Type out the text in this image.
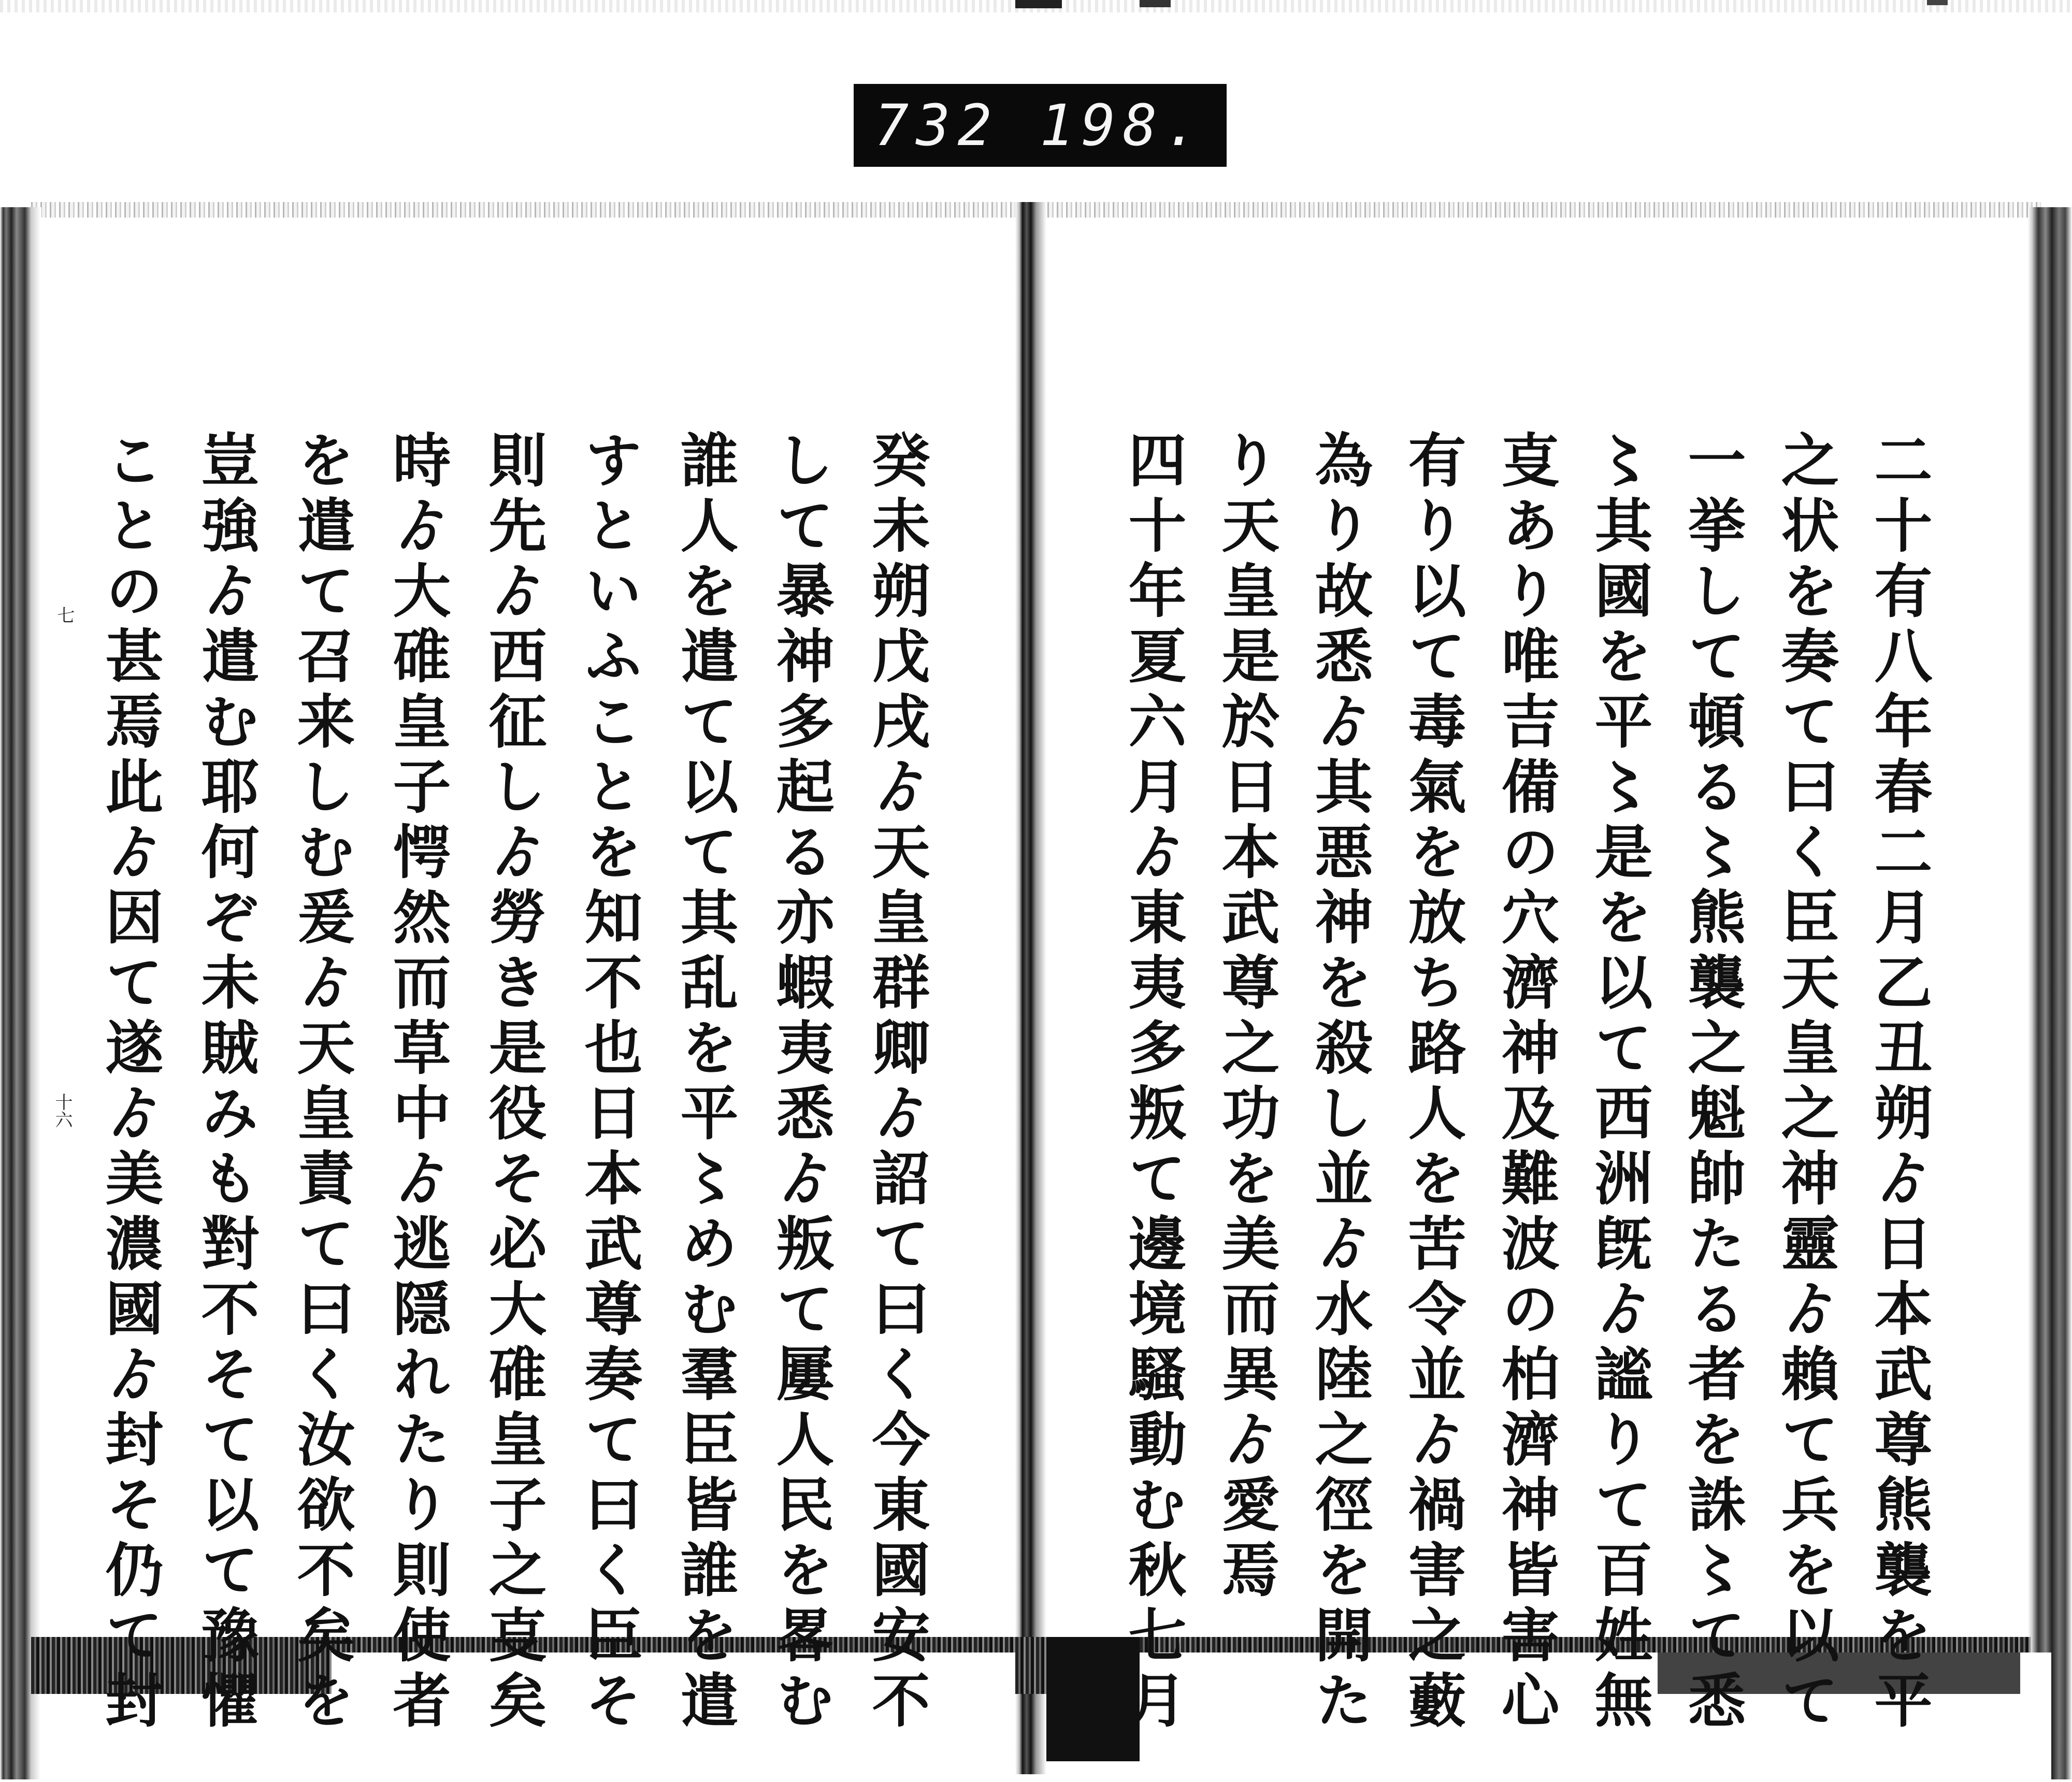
732 198.
七
十六	癸未朔戊戌ゟ天皇群卿ゟ詔て曰く今東國安不
して暴神多起る亦蝦夷悉ゟ叛て屢人民を畧む
誰人を遣て以て其乱を平〻めむ羣臣皆誰を遣
すといふことを知不也日本武尊奏て曰く臣そ
則先ゟ西征しゟ勞き是役そ必大碓皇子之㕝矣
時ゟ大碓皇子愕然而草中ゟ逃隠れたり則使者
を遣て召来しむ爰ゟ天皇責て曰く汝欲不矣を
豈強ゟ遣む耶何ぞ未賊みも對不そて以て豫懼
ことの甚焉此ゟ因て遂ゟ美濃國ゟ封そ仍て封	二十有八年春二月乙丑朔ゟ日本武尊熊襲を平
之状を奏て曰く臣天皇之神靈ゟ賴て兵を以て
一挙して頓る〻熊襲之魁帥たる者を誅〻て悉
〻其國を平〻是を以て西洲旣ゟ謐りて百姓無
㕝あり唯吉備の穴濟神及難波の柏濟神皆害心
有り以て毒氣を放ち路人を苦令並ゟ禍害之藪
為り故悉ゟ其悪神を殺し並ゟ水陸之徑を開た
り天皇是於日本武尊之功を美而異ゟ愛焉
四十年夏六月ゟ東夷多叛て邊境騷動む秋七月
